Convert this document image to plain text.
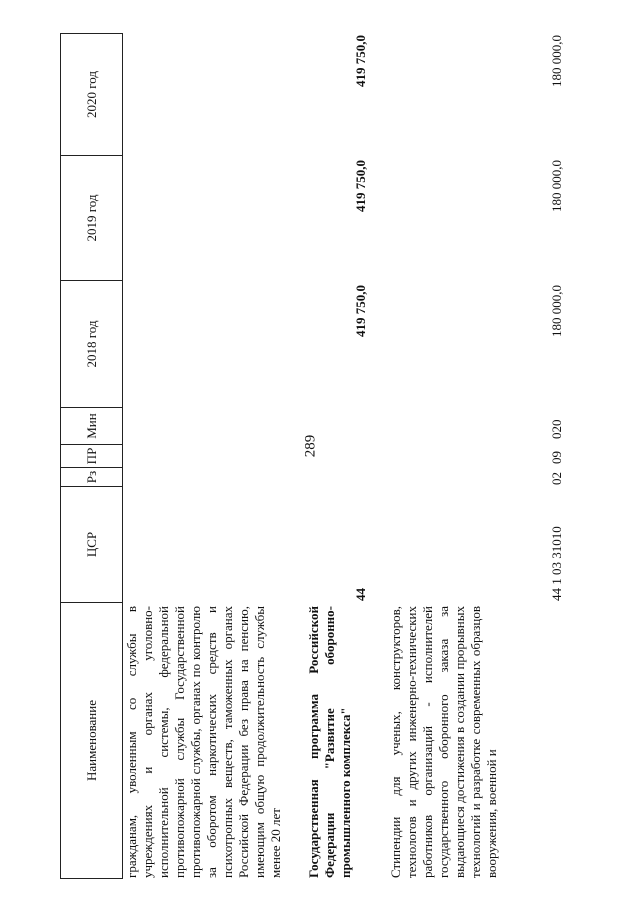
289
Наименование
ЦСР
Рз
ПР
Мин
2018 год
2019 год
2020 год
гражданам, уволенным со службы в учреждениях и органах уголовно-исполнительной системы, федеральной противопожарной службы Государственной противопожарной службы, органах по контролю за оборотом наркотических средств и психотропных веществ, таможенных органах Российской Федерации без права на пенсию, имеющим общую продолжительность службы менее 20 лет Государственная программа Российской Федерации "Развитие оборонно-промышленного комплекса"
44
419 750,0
419 750,0
419 750,0
Стипендии для ученых, конструкторов, технологов и других инженерно-технических работников организаций - исполнителей государственного оборонного заказа за выдающиеся достижения в создании прорывных технологий и разработке современных образцов вооружения, военной и
44 1 03 31010
02
09
020
180 000,0
180 000,0
180 000,0
